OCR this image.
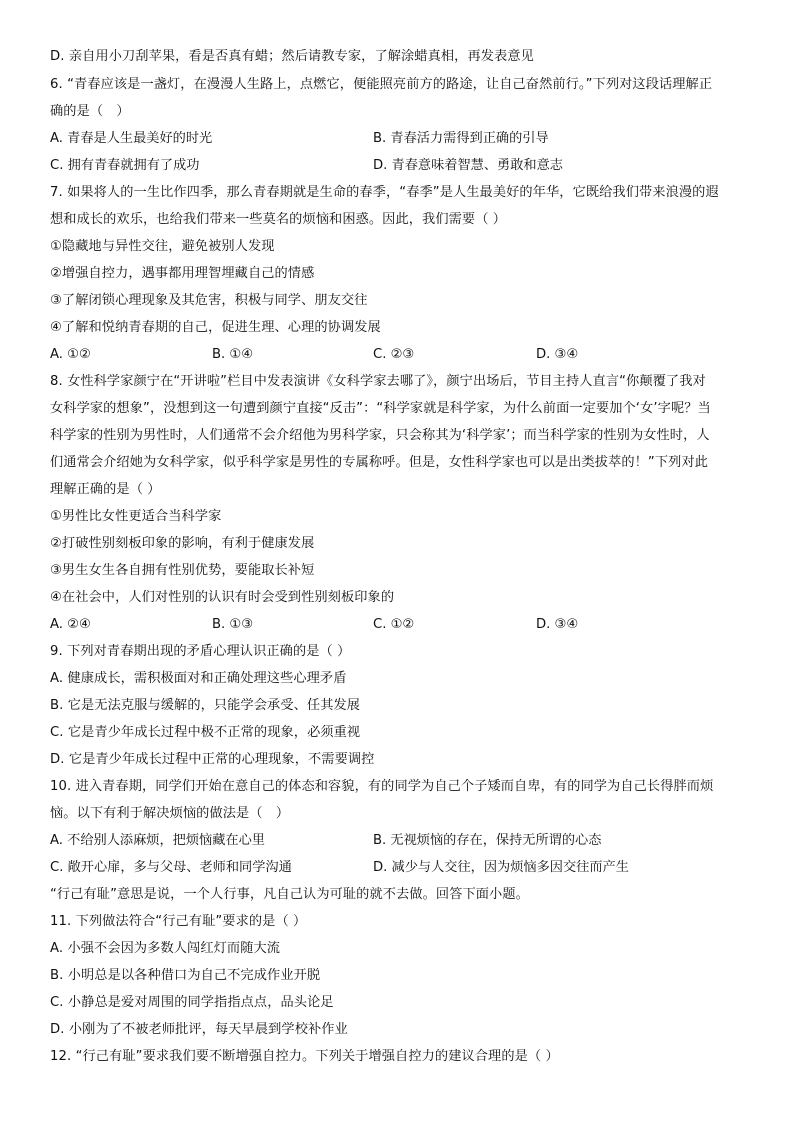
D. 亲自用小刀刮苹果，看是否真有蜡；然后请教专家，了解涂蜡真相，再发表意见
6. “青春应该是一盏灯，在漫漫人生路上，点燃它，便能照亮前方的路途，让自己奋然前行。”下列对这段话理解正
确的是（　）
A. 青春是人生最美好的时光	B. 青春活力需得到正确的引导
C. 拥有青春就拥有了成功	D. 青春意味着智慧、勇敢和意志
7. 如果将人的一生比作四季，那么青春期就是生命的春季，“春季”是人生最美好的年华，它既给我们带来浪漫的遐
想和成长的欢乐，也给我们带来一些莫名的烦恼和困惑。因此，我们需要（ ）
①隐藏地与异性交往，避免被别人发现
②增强自控力，遇事都用理智埋藏自己的情感
③了解闭锁心理现象及其危害，积极与同学、朋友交往
④了解和悦纳青春期的自己，促进生理、心理的协调发展
A. ①②	B. ①④	C. ②③	D. ③④
8. 女性科学家颜宁在“开讲啦”栏目中发表演讲《女科学家去哪了》，颜宁出场后，节目主持人直言“你颠覆了我对
女科学家的想象”，没想到这一句遭到颜宁直接“反击”：“科学家就是科学家，为什么前面一定要加个‘女’字呢？当
科学家的性别为男性时，人们通常不会介绍他为男科学家，只会称其为‘科学家’；而当科学家的性别为女性时，人
们通常会介绍她为女科学家，似乎科学家是男性的专属称呼。但是，女性科学家也可以是出类拔萃的！”下列对此
理解正确的是（ ）
①男性比女性更适合当科学家
②打破性别刻板印象的影响，有利于健康发展
③男生女生各自拥有性别优势，要能取长补短
④在社会中，人们对性别的认识有时会受到性别刻板印象的
A. ②④	B. ①③	C. ①②	D. ③④
9. 下列对青春期出现的矛盾心理认识正确的是（ ）
A. 健康成长，需积极面对和正确处理这些心理矛盾
B. 它是无法克服与缓解的，只能学会承受、任其发展
C. 它是青少年成长过程中极不正常的现象，必须重视
D. 它是青少年成长过程中正常的心理现象，不需要调控
10. 进入青春期，同学们开始在意自己的体态和容貌，有的同学为自己个子矮而自卑，有的同学为自己长得胖而烦
恼。以下有利于解决烦恼的做法是（　）
A. 不给别人添麻烦，把烦恼藏在心里	B. 无视烦恼的存在，保持无所谓的心态
C. 敞开心扉，多与父母、老师和同学沟通	D. 减少与人交往，因为烦恼多因交往而产生
“行己有耻”意思是说，一个人行事，凡自己认为可耻的就不去做。回答下面小题。
11. 下列做法符合“行己有耻”要求的是（ ）
A. 小强不会因为多数人闯红灯而随大流
B. 小明总是以各种借口为自己不完成作业开脱
C. 小静总是爱对周围的同学指指点点，品头论足
D. 小刚为了不被老师批评，每天早晨到学校补作业
12. “行己有耻”要求我们要不断增强自控力。下列关于增强自控力的建议合理的是（ ）
